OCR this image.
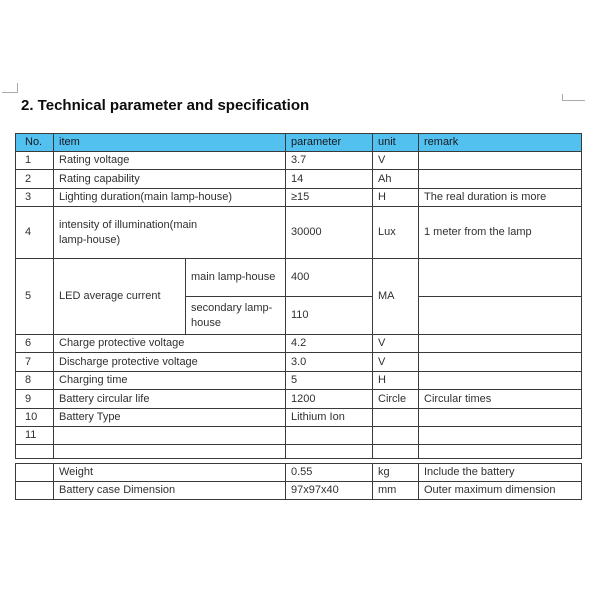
2. Technical parameter and specification
No.	item		parameter	unit	remark
1	Rating voltage		3.7	V	
2	Rating capability		14	Ah	
3	Lighting duration(main lamp-house)		≥15	H	The real duration is more
4	intensity of illumination(main lamp-house)		30000	Lux	1 meter from the lamp
5	LED average current	main lamp-house	400	MA	
		secondary lamp-house	110		
6	Charge protective voltage		4.2	V	
7	Discharge protective voltage		3.0	V	
8	Charging time		5	H	
9	Battery circular life		1200	Circle	Circular times
10	Battery Type		Lithium Ion		
11					

	Weight	0.55	kg	Include the battery
	Battery case Dimension	97x97x40	mm	Outer maximum dimension
